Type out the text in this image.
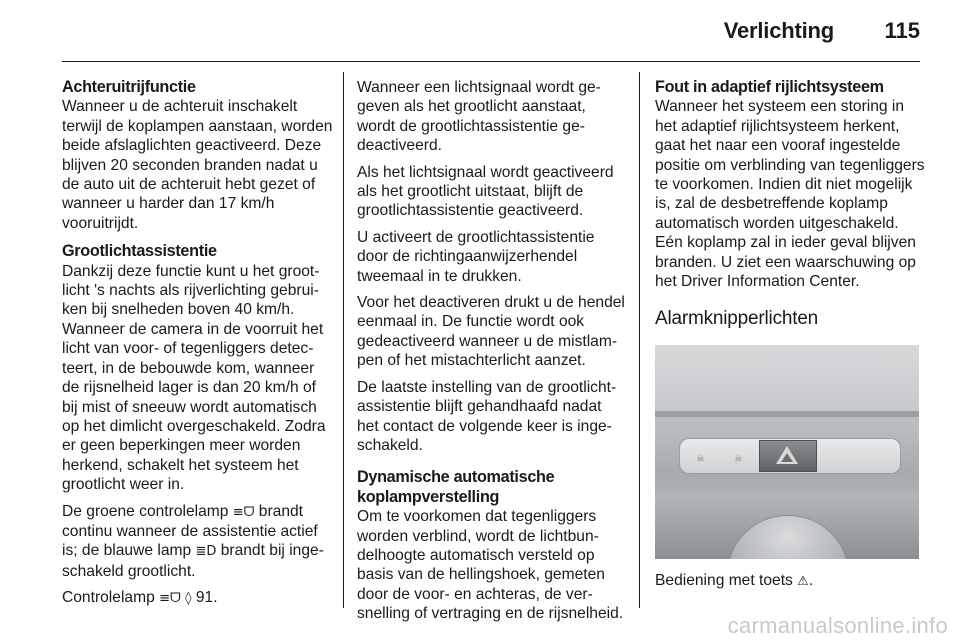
Verlichting 115
Achteruitrijfunctie

Wanneer u de achteruit inschakelt terwijl de koplampen aanstaan, worden beide afslaglichten geactiveerd. Deze blijven 20 seconden branden nadat u de auto uit de achteruit hebt gezet of wanneer u harder dan 17 km/h vooruitrijdt.

Grootlichtassistentie

Dankzij deze functie kunt u het grootlicht 's nachts als rijverlichting gebruiken bij snelheden boven 40 km/h. Wanneer de camera in de voorruit het licht van voor- of tegenliggers detecteert, in de bebouwde kom, wanneer de rijsnelheid lager is dan 20 km/h of bij mist of sneeuw wordt automatisch op het dimlicht overgeschakeld. Zodra er geen beperkingen meer worden herkend, schakelt het systeem het grootlicht weer in.

De groene controlelamp ≡ᗜ brandt continu wanneer de assistentie actief is; de blauwe lamp ≣D brandt bij ingeschakeld grootlicht.

Controlelamp ≡ᗜ ◊ 91.

Wanneer een lichtsignaal wordt gegeven als het grootlicht aanstaat, wordt de grootlichtassistentie gedeactiveerd.

Als het lichtsignaal wordt geactiveerd als het grootlicht uitstaat, blijft de grootlichtassistentie geactiveerd.

U activeert de grootlichtassistentie door de richtingaanwijzerhendel tweemaal in te drukken.

Voor het deactiveren drukt u de hendel eenmaal in. De functie wordt ook gedeactiveerd wanneer u de mistlampen of het mistachterlicht aanzet.

De laatste instelling van de grootlichtassistentie blijft gehandhaafd nadat het contact de volgende keer is ingeschakeld.

Dynamische automatische
koplampverstelling

Om te voorkomen dat tegenliggers worden verblind, wordt de lichtbundelhoogte automatisch versteld op basis van de hellingshoek, gemeten door de voor- en achteras, de versnelling of vertraging en de rijsnelheid.

Fout in adaptief rijlichtsysteem

Wanneer het systeem een storing in het adaptief rijlichtsysteem herkent, gaat het naar een vooraf ingestelde positie om verblinding van tegenliggers te voorkomen. Indien dit niet mogelijk is, zal de desbetreffende koplamp automatisch worden uitgeschakeld. Eén koplamp zal in ieder geval blijven branden. U ziet een waarschuwing op het Driver Information Center.

Alarmknipperlichten
🔒︎ 🔒︎
Bediening met toets ⚠.
carmanualsonline.info
